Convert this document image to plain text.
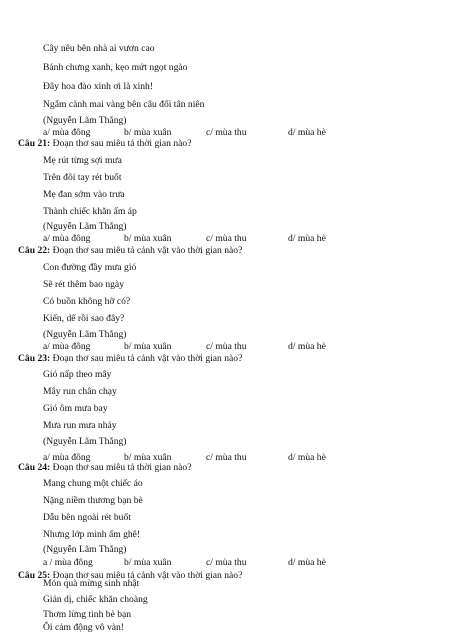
Cây nêu bên nhà ai vươn cao
Bánh chưng xanh, kẹo mứt ngọt ngào
Đây hoa đào xinh ơi là xinh!
Ngắm cành mai vàng bên câu đối tân niên
(Nguyễn Lãm Thắng)
a/ mùa đông	b/ mùa xuân	c/ mùa thu	d/ mùa hè
Câu 21: Đoạn thơ sau miêu tả thời gian nào?
Mẹ rút từng sợi mưa
Trên đôi tay rét buốt
Mẹ đan sớm vào trưa
Thành chiếc khăn ấm áp
(Nguyễn Lãm Thắng)
a/ mùa đông	b/ mùa xuân	c/ mùa thu	d/ mùa hè
Câu 22: Đoạn thơ sau miêu tả cảnh vật vào thời gian nào?
Con đường đầy mưa gió
Sẽ rét thêm bao ngày
Có buồn không hỡ có?
Kiến, dế rồi sao đây?
(Nguyễn Lãm Thắng)
a/ mùa đông	b/ mùa xuân	c/ mùa thu	d/ mùa hè
Câu 23: Đoạn thơ sau miêu tả cảnh vật vào thời gian nào?
Gió nấp theo mây
Mây run chân chạy
Gió ôm mưa bay
Mưa run mưa nhảy
(Nguyễn Lãm Thắng)
a/ mùa đông	b/ mùa xuân	c/ mùa thu	d/ mùa hè
Câu 24: Đoạn thơ sau miêu tả thời gian nào?
Mang chung một chiếc áo
Nặng niềm thương bạn bè
Dẫu bên ngoài rét buốt
Nhưng lớp mình ấm ghê!
(Nguyễn Lãm Thắng)
a / mùa đông	b/ mùa xuân	c/ mùa thu	d/ mùa hè
Câu 25: Đoạn thơ sau miêu tả cảnh vật vào thời gian nào?
Món quà mừng sinh nhật
Giản dị, chiếc khăn choàng
Thơm lừng tình bè bạn
Ôi cảm động vô vàn!
